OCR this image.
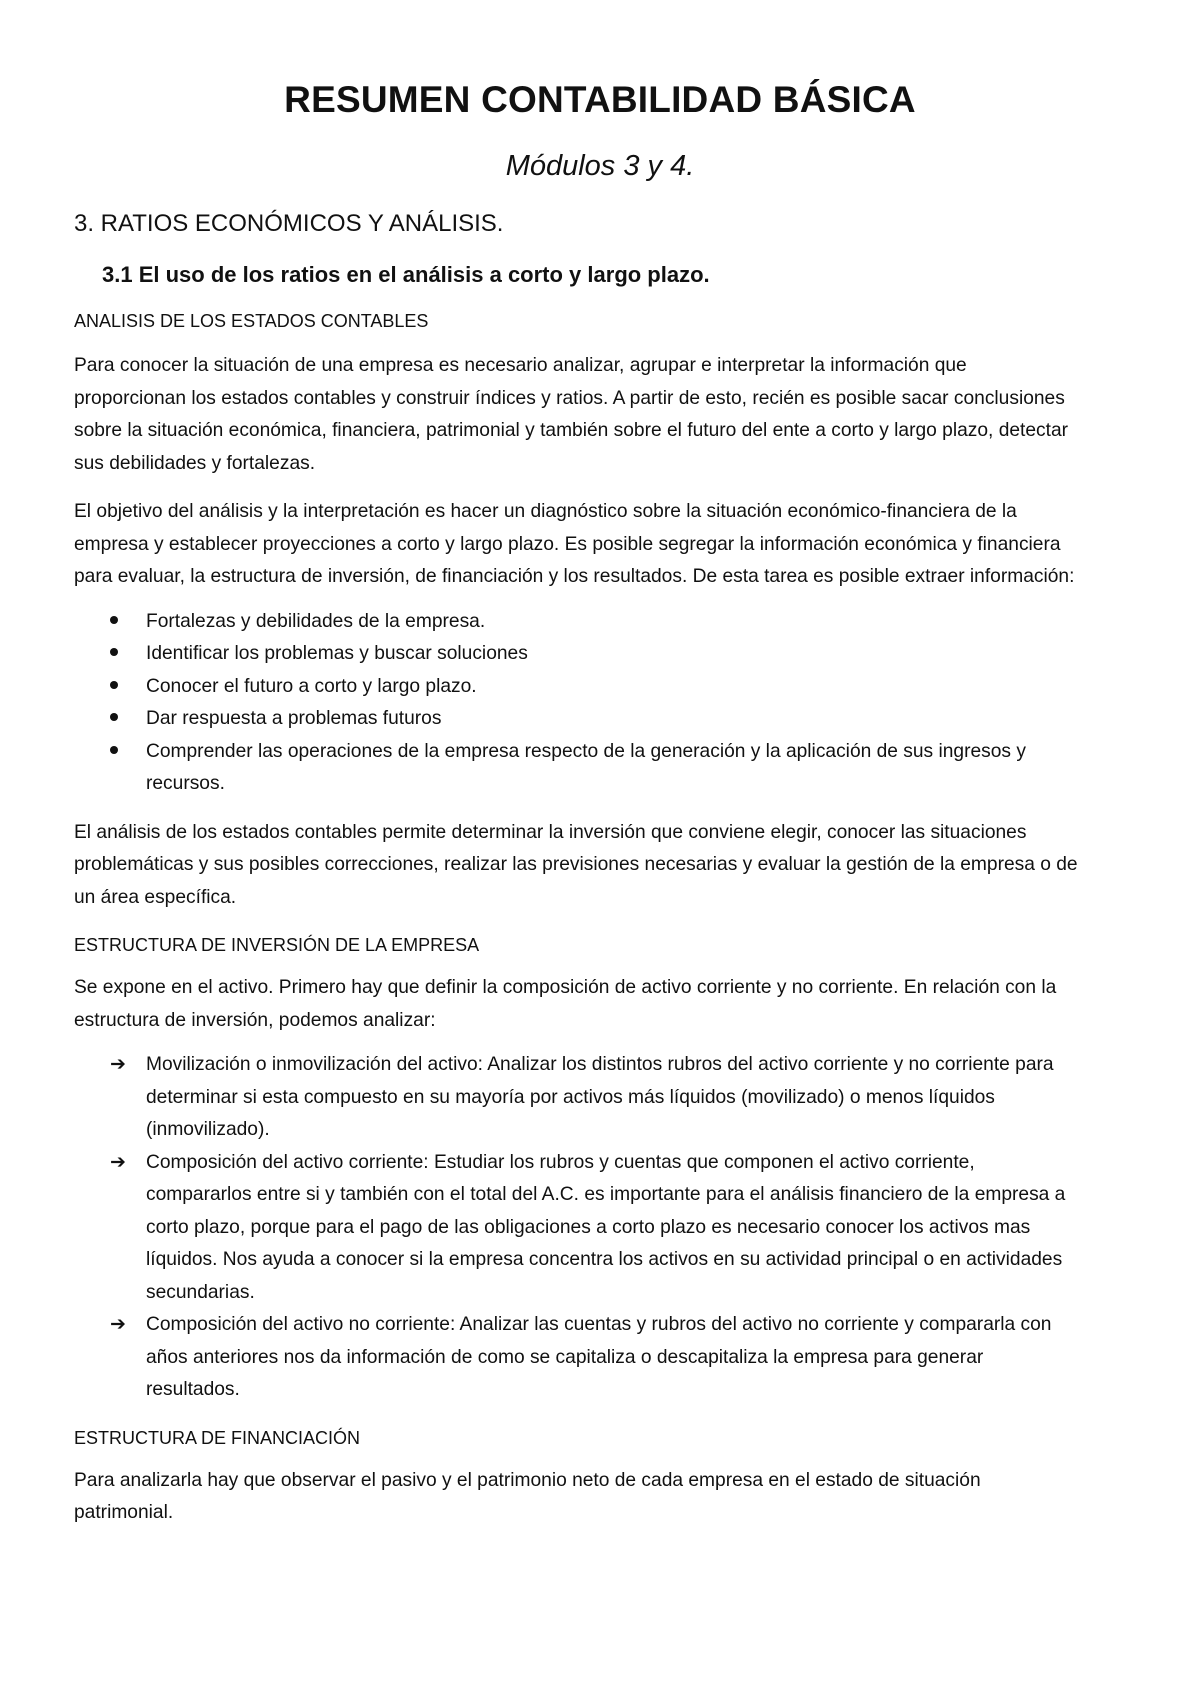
RESUMEN CONTABILIDAD BÁSICA
Módulos 3 y 4.
3. RATIOS ECONÓMICOS Y ANÁLISIS.
3.1 El uso de los ratios en el análisis a corto y largo plazo.
ANALISIS DE LOS ESTADOS CONTABLES

Para conocer la situación de una empresa es necesario analizar, agrupar e interpretar la información que proporcionan los estados contables y construir índices y ratios. A partir de esto, recién es posible sacar conclusiones sobre la situación económica, financiera, patrimonial y también sobre el futuro del ente a corto y largo plazo, detectar sus debilidades y fortalezas.

El objetivo del análisis y la interpretación es hacer un diagnóstico sobre la situación económico-financiera de la empresa y establecer proyecciones a corto y largo plazo. Es posible segregar la información económica y financiera para evaluar, la estructura de inversión, de financiación y los resultados. De esta tarea es posible extraer información:

Fortalezas y debilidades de la empresa.
Identificar los problemas y buscar soluciones
Conocer el futuro a corto y largo plazo.
Dar respuesta a problemas futuros
Comprender las operaciones de la empresa respecto de la generación y la aplicación de sus ingresos y recursos.

El análisis de los estados contables permite determinar la inversión que conviene elegir, conocer las situaciones problemáticas y sus posibles correcciones, realizar las previsiones necesarias y evaluar la gestión de la empresa o de un área específica.

ESTRUCTURA DE INVERSIÓN DE LA EMPRESA

Se expone en el activo. Primero hay que definir la composición de activo corriente y no corriente. En relación con la estructura de inversión, podemos analizar:

➔	Movilización o inmovilización del activo: Analizar los distintos rubros del activo corriente y no corriente para determinar si esta compuesto en su mayoría por activos más líquidos (movilizado) o menos líquidos (inmovilizado).
➔	Composición del activo corriente: Estudiar los rubros y cuentas que componen el activo corriente, compararlos entre si y también con el total del A.C. es importante para el análisis financiero de la empresa a corto plazo, porque para el pago de las obligaciones a corto plazo es necesario conocer los activos mas líquidos. Nos ayuda a conocer si la empresa concentra los activos en su actividad principal o en actividades secundarias.
➔	Composición del activo no corriente: Analizar las cuentas y rubros del activo no corriente y compararla con años anteriores nos da información de como se capitaliza o descapitaliza la empresa para generar resultados.
ESTRUCTURA DE FINANCIACIÓN

Para analizarla hay que observar el pasivo y el patrimonio neto de cada empresa en el estado de situación patrimonial.
